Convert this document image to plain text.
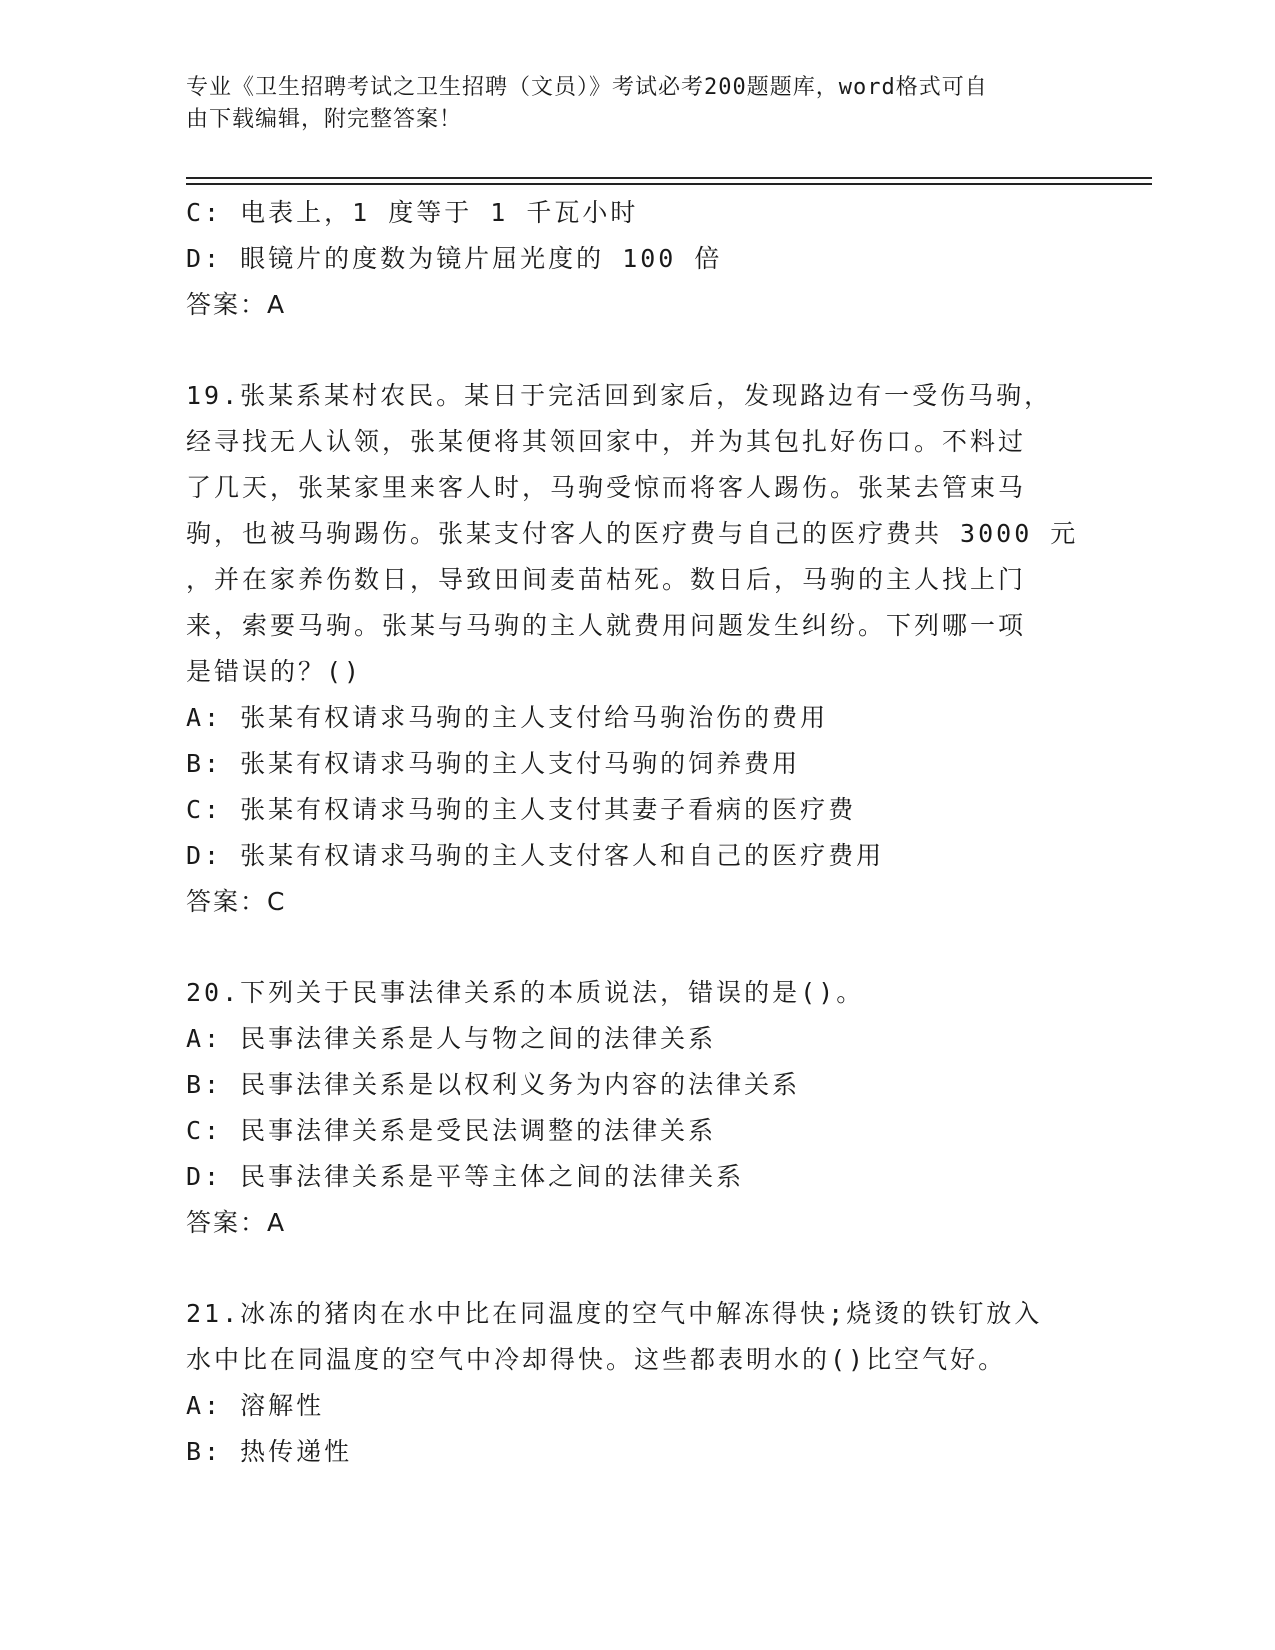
专业《卫生招聘考试之卫生招聘（文员）》考试必考200题题库，word格式可自
由下载编辑，附完整答案！
C: 电表上，1 度等于 1 千瓦小时
D: 眼镜片的度数为镜片屈光度的 100 倍
答案：A
19.张某系某村农民。某日于完活回到家后，发现路边有一受伤马驹，
经寻找无人认领，张某便将其领回家中，并为其包扎好伤口。不料过
了几天，张某家里来客人时，马驹受惊而将客人踢伤。张某去管束马
驹，也被马驹踢伤。张某支付客人的医疗费与自己的医疗费共 3000 元
，并在家养伤数日，导致田间麦苗枯死。数日后，马驹的主人找上门
来，索要马驹。张某与马驹的主人就费用问题发生纠纷。下列哪一项
是错误的？()
A: 张某有权请求马驹的主人支付给马驹治伤的费用
B: 张某有权请求马驹的主人支付马驹的饲养费用
C: 张某有权请求马驹的主人支付其妻子看病的医疗费
D: 张某有权请求马驹的主人支付客人和自己的医疗费用
答案：C
20.下列关于民事法律关系的本质说法，错误的是()。
A: 民事法律关系是人与物之间的法律关系
B: 民事法律关系是以权利义务为内容的法律关系
C: 民事法律关系是受民法调整的法律关系
D: 民事法律关系是平等主体之间的法律关系
答案：A
21.冰冻的猪肉在水中比在同温度的空气中解冻得快;烧烫的铁钉放入
水中比在同温度的空气中冷却得快。这些都表明水的()比空气好。
A: 溶解性
B: 热传递性
